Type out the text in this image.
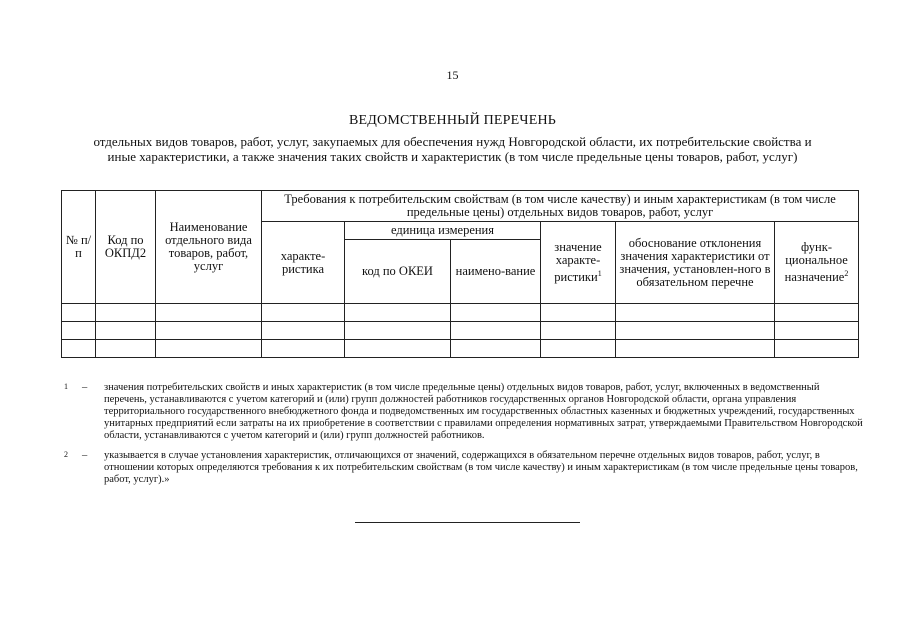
15
ВЕДОМСТВЕННЫЙ ПЕРЕЧЕНЬ
отдельных видов товаров, работ, услуг, закупаемых для обеспечения нужд Новгородской области, их потребительские свойства и иные характеристики, а также значения таких свойств и характеристик (в том числе предельные цены товаров, работ, услуг)
№ п/п	Код по ОКПД2	Наименование отдельного вида товаров, работ, услуг	Требования к потребительским свойствам (в том числе качеству) и иным характеристикам (в том числе предельные цены) отдельных видов товаров, работ, услуг					
			характе-ристика	единица измерения		значение характе-ристики$^1$	обоснование отклонения значения характеристики от значения, установлен-ного в обязательном перечне	функ-циональное назначение$^2$
				код по ОКЕИ	наимено-вание			

1	–	значения потребительских свойств и иных характеристик (в том числе предельные цены) отдельных видов товаров, работ, услуг, включенных в ведомственный перечень, устанавливаются с учетом категорий и (или) групп должностей работников государственных органов Новгородской области, органа управления территориального государственного внебюджетного фонда и подведомственных им государственных областных казенных и бюджетных учреждений, государственных унитарных предприятий если затраты на их приобретение в соответствии с правилами определения нормативных затрат, утверждаемыми Правительством Новгородской области, устанавливаются с учетом категорий и (или) групп должностей работников.
2	–	указывается в случае установления характеристик, отличающихся от значений, содержащихся в обязательном перечне отдельных видов товаров, работ, услуг, в отношении которых определяются требования к их потребительским свойствам (в том числе качеству) и иным характеристикам (в том числе предельные цены товаров, работ, услуг).»
